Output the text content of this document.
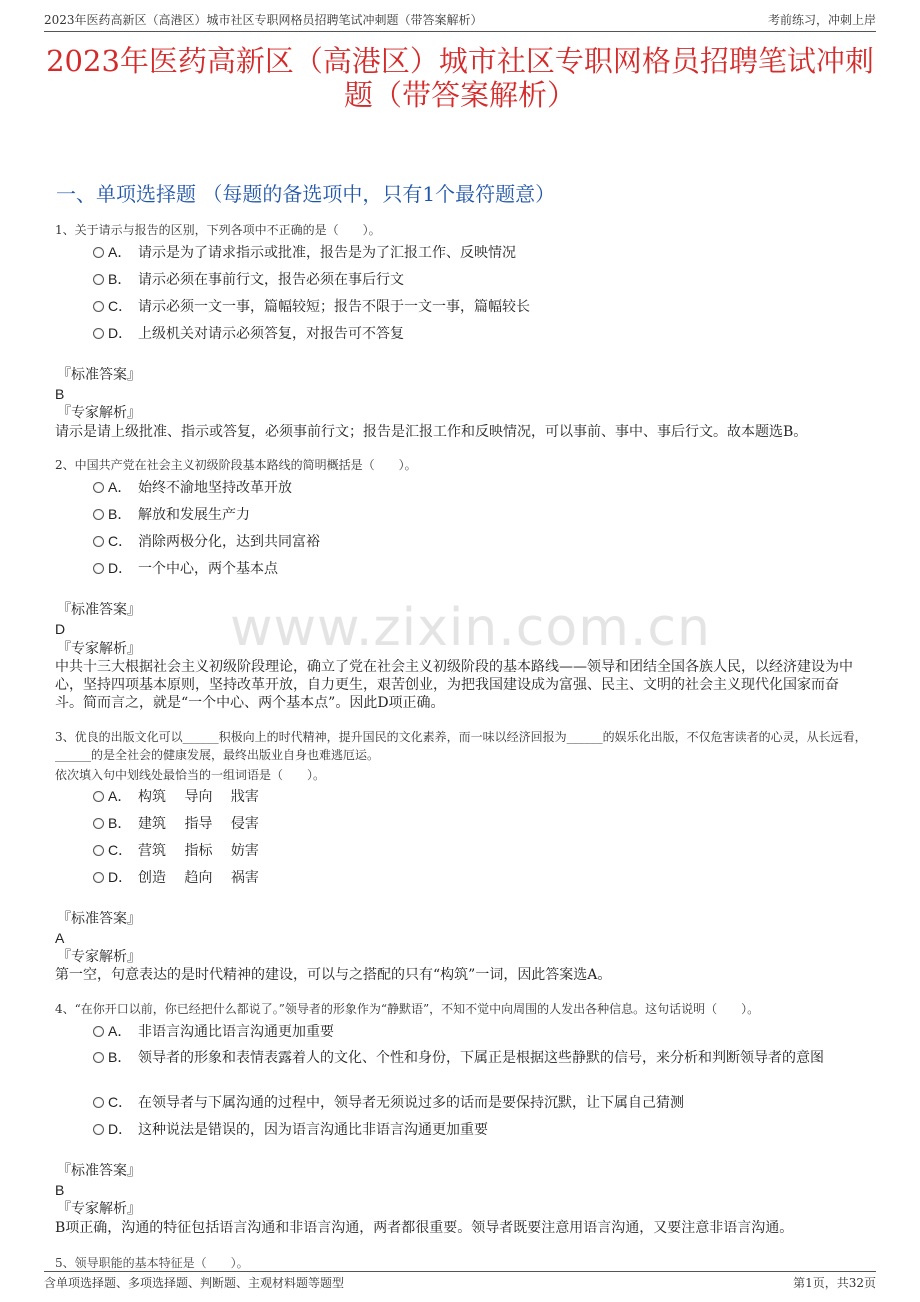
2023年医药高新区（高港区）城市社区专职网格员招聘笔试冲刺题（带答案解析）	考前练习，冲刺上岸
2023年医药高新区（高港区）城市社区专职网格员招聘笔试冲刺题（带答案解析）
一、单项选择题 （每题的备选项中，只有1个最符题意）
www.zixin.com.cn
1、关于请示与报告的区别，下列各项中不正确的是（　　）。
A． 请示是为了请求指示或批准，报告是为了汇报工作、反映情况
B． 请示必须在事前行文，报告必须在事后行文
C． 请示必须一文一事，篇幅较短；报告不限于一文一事，篇幅较长
D． 上级机关对请示必须答复，对报告可不答复
『标准答案』
B
『专家解析』
请示是请上级批准、指示或答复，必须事前行文；报告是汇报工作和反映情况，可以事前、事中、事后行文。故本题选B。
2、中国共产党在社会主义初级阶段基本路线的简明概括是（　　）。
A． 始终不渝地坚持改革开放
B． 解放和发展生产力
C． 消除两极分化，达到共同富裕
D． 一个中心，两个基本点
『标准答案』
D
『专家解析』
中共十三大根据社会主义初级阶段理论，确立了党在社会主义初级阶段的基本路线——领导和团结全国各族人民，以经济建设为中心，坚持四项基本原则，坚持改革开放，自力更生，艰苦创业，为把我国建设成为富强、民主、文明的社会主义现代化国家而奋斗。简而言之，就是“一个中心、两个基本点”。因此D项正确。
3、优良的出版文化可以______积极向上的时代精神，提升国民的文化素养，而一味以经济回报为______的娱乐化出版，不仅危害读者的心灵，从长远看，______的是全社会的健康发展，最终出版业自身也难逃厄运。
依次填入句中划线处最恰当的一组词语是（　　）。
A． 构筑　 导向　 戕害
B． 建筑　 指导　 侵害
C． 营筑　 指标　 妨害
D． 创造　 趋向　 祸害
『标准答案』
A
『专家解析』
第一空，句意表达的是时代精神的建设，可以与之搭配的只有“构筑”一词，因此答案选A。
4、“在你开口以前，你已经把什么都说了。”领导者的形象作为“静默语”，不知不觉中向周围的人发出各种信息。这句话说明（　　）。
A． 非语言沟通比语言沟通更加重要
B． 领导者的形象和表情表露着人的文化、个性和身份，下属正是根据这些静默的信号，来分析和判断领导者的意图
C． 在领导者与下属沟通的过程中，领导者无须说过多的话而是要保持沉默，让下属自己猜测
D． 这种说法是错误的，因为语言沟通比非语言沟通更加重要
『标准答案』
B
『专家解析』
B项正确，沟通的特征包括语言沟通和非语言沟通，两者都很重要。领导者既要注意用语言沟通，又要注意非语言沟通。
5、领导职能的基本特征是（　　）。
含单项选择题、多项选择题、判断题、主观材料题等题型	第1页，共32页
